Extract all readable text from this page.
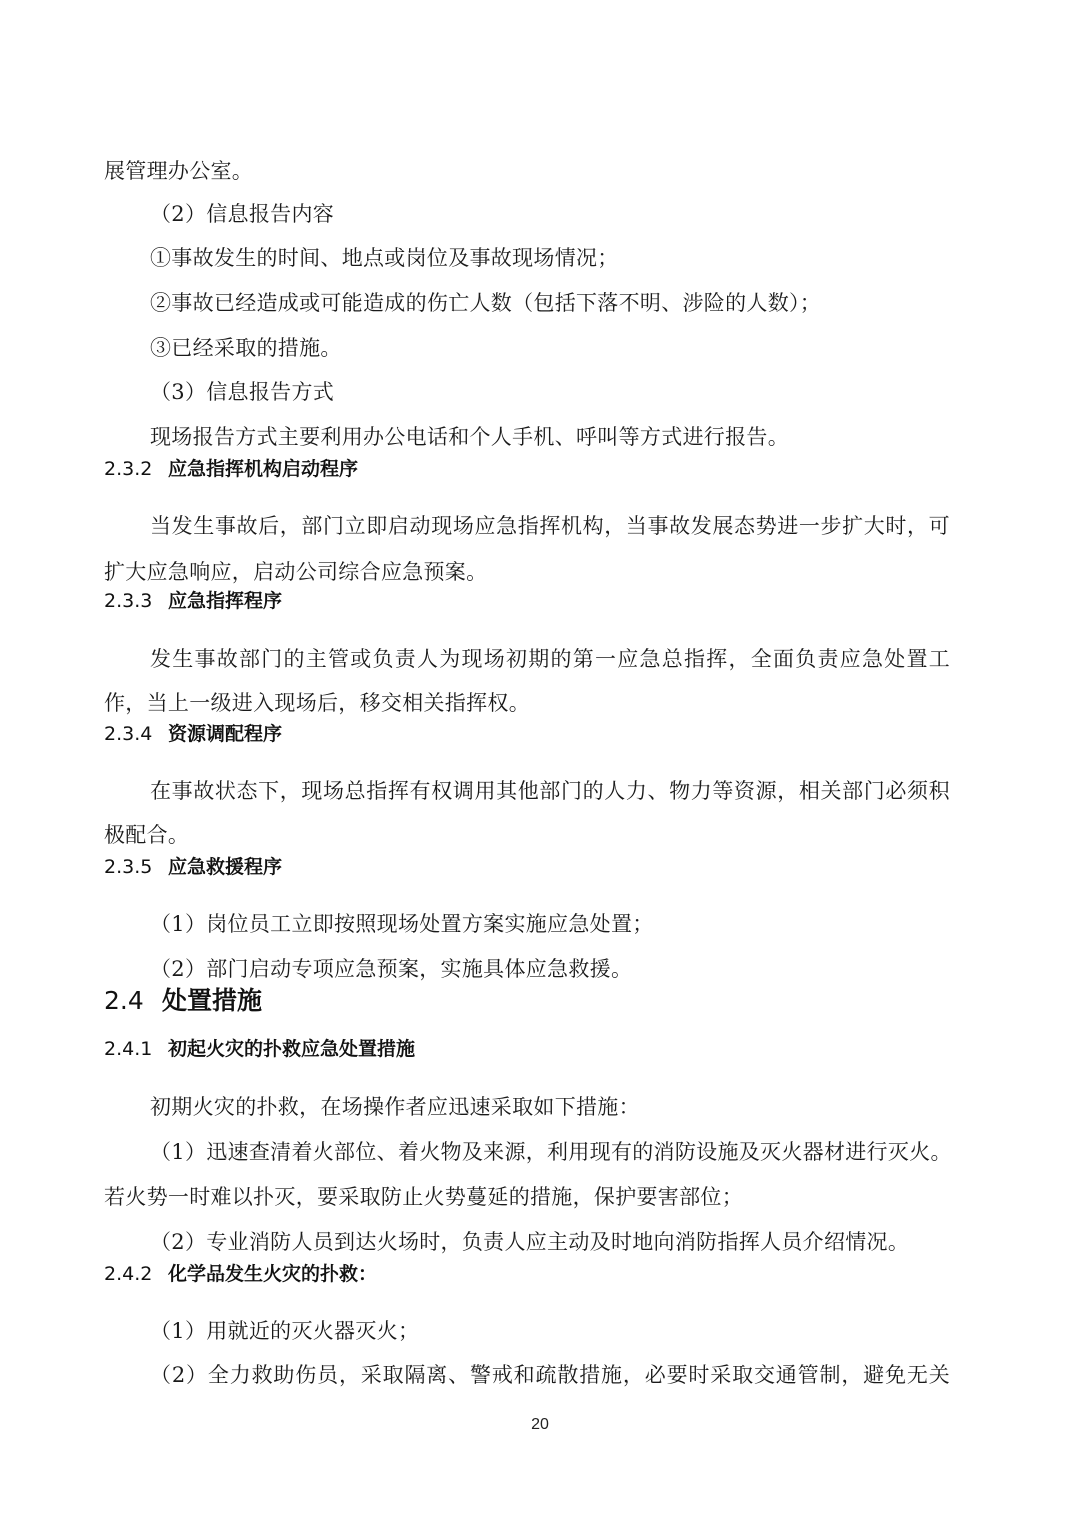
展管理办公室。
（2）信息报告内容
①事故发生的时间、地点或岗位及事故现场情况；
②事故已经造成或可能造成的伤亡人数（包括下落不明、涉险的人数）；
③已经采取的措施。
（3）信息报告方式
现场报告方式主要利用办公电话和个人手机、呼叫等方式进行报告。
2.3.2 应急指挥机构启动程序
当发生事故后，部门立即启动现场应急指挥机构，当事故发展态势进一步扩大时，可
扩大应急响应，启动公司综合应急预案。
2.3.3 应急指挥程序
发生事故部门的主管或负责人为现场初期的第一应急总指挥，全面负责应急处置工
作，当上一级进入现场后，移交相关指挥权。
2.3.4 资源调配程序
在事故状态下，现场总指挥有权调用其他部门的人力、物力等资源，相关部门必须积
极配合。
2.3.5 应急救援程序
（1）岗位员工立即按照现场处置方案实施应急处置；
（2）部门启动专项应急预案，实施具体应急救援。
2.4 处置措施
2.4.1 初起火灾的扑救应急处置措施
初期火灾的扑救，在场操作者应迅速采取如下措施：
（1）迅速查清着火部位、着火物及来源，利用现有的消防设施及灭火器材进行灭火。
若火势一时难以扑灭，要采取防止火势蔓延的措施，保护要害部位；
（2）专业消防人员到达火场时，负责人应主动及时地向消防指挥人员介绍情况。
2.4.2 化学品发生火灾的扑救：
（1）用就近的灭火器灭火；
（2）全力救助伤员，采取隔离、警戒和疏散措施，必要时采取交通管制，避免无关
20
